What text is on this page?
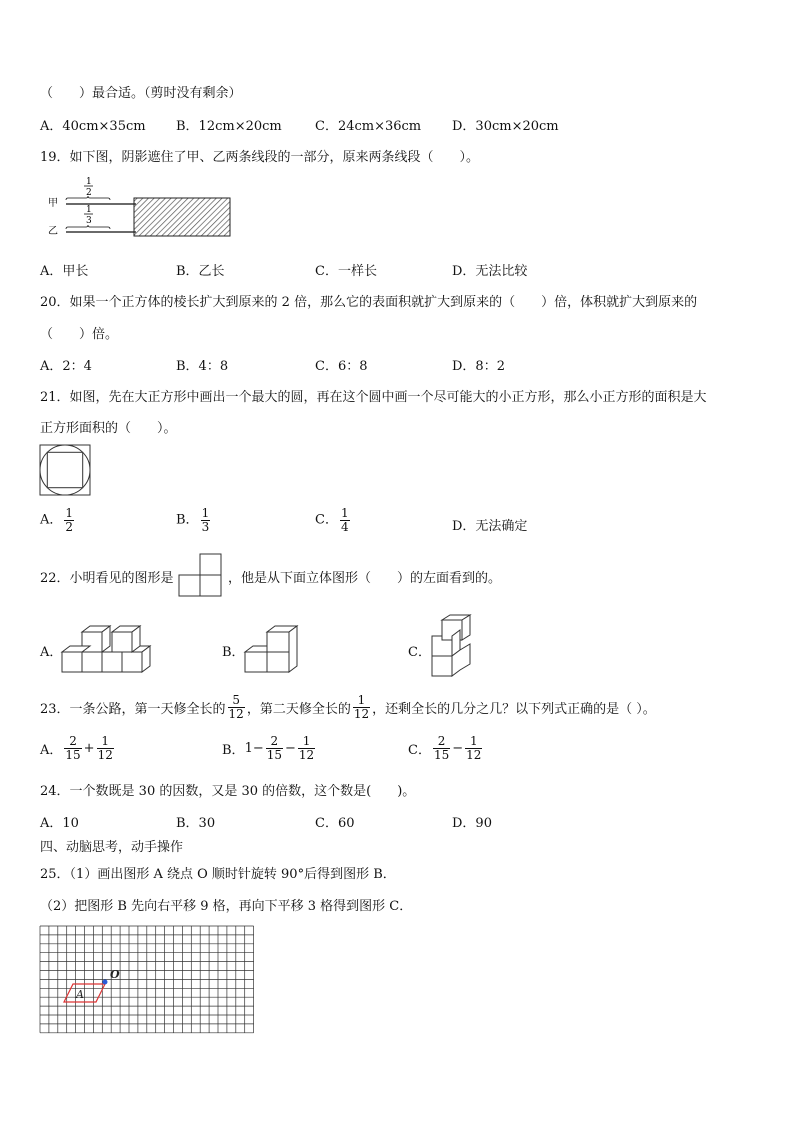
（　　）最合适。（剪时没有剩余）
A．40cm×35cm B．12cm×20cm	C．24cm×36cm D．30cm×20cm
19．如下图，阴影遮住了甲、乙两条线段的一部分，原来两条线段（　　）。
甲
乙
1
2
1
3
A．甲长	B．乙长	C．一样长	D．无法比较
20．如果一个正方体的棱长扩大到原来的 2 倍，那么它的表面积就扩大到原来的（　　）倍，体积就扩大到原来的
（　　）倍。
A．2：4	B．4：8	C．6：8	D．8：2
21．如图，先在大正方形中画出一个最大的圆，再在这个圆中画一个尽可能大的小正方形，那么小正方形的面积是大
正方形面积的（　　）。
A． $\frac{1}{2}$	B． $\frac{1}{3}$	C． $\frac{1}{4}$	D．无法确定
22．小明看见的图形是	，他是从下面立体图形（　　）的左面看到的。
A．	B．	C．
23．一条公路，第一天修全长的 $\frac{5}{12}$ ，第二天修全长的 $\frac{1}{12}$ ，还剩全长的几分之几？以下列式正确的是（ ）。
A． $\frac{2}{15} + \frac{1}{12}$	B． $1- \frac{2}{15} - \frac{1}{12}$	C． $\frac{2}{15} - \frac{1}{12}$
24．一个数既是 30 的因数，又是 30 的倍数，这个数是(　　)。
A．10	B．30	C．60	D．90
四、动脑思考，动手操作
25．（1）画出图形 A 绕点 O 顺时针旋转 90°后得到图形 B．
（2）把图形 B 先向右平移 9 格，再向下平移 3 格得到图形 C．
A
O
